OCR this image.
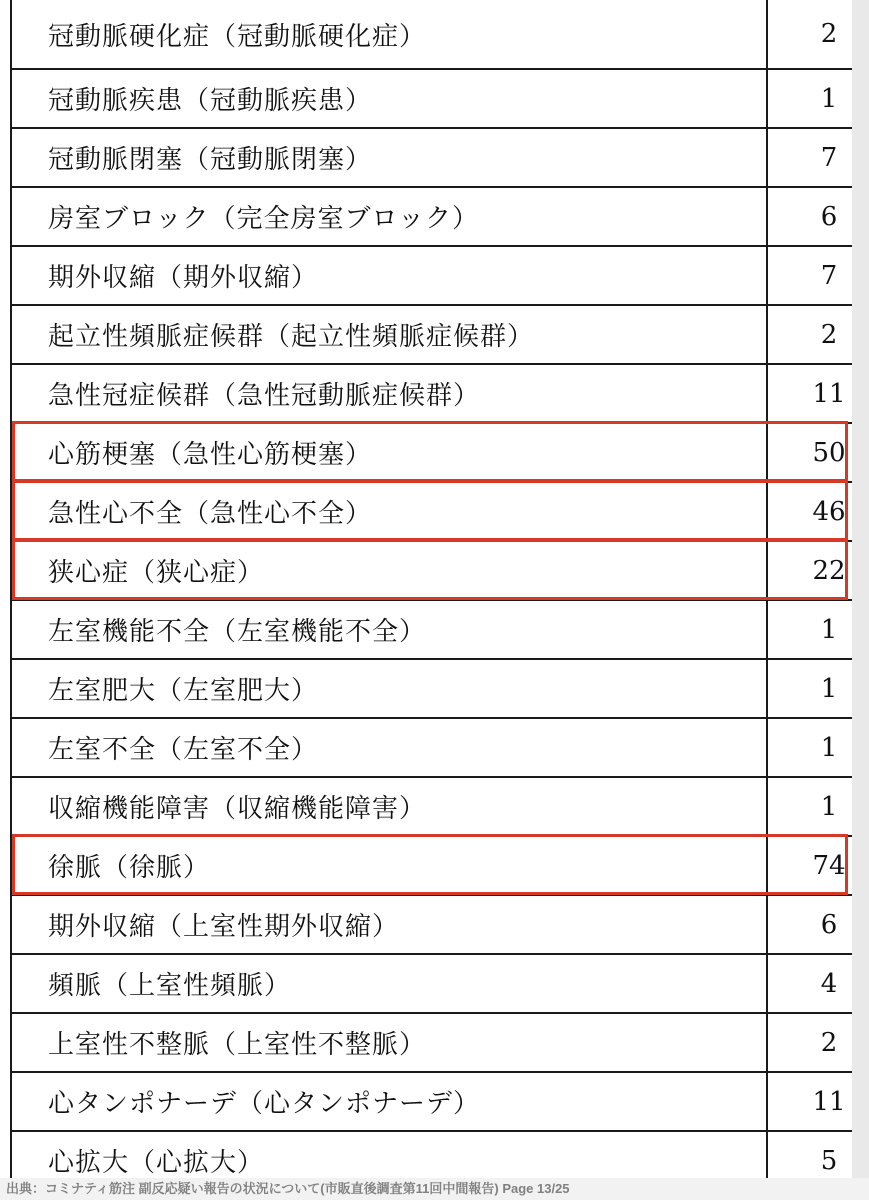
冠動脈硬化症（冠動脈硬化症）	2
冠動脈疾患（冠動脈疾患）	1
冠動脈閉塞（冠動脈閉塞）	7
房室ブロック（完全房室ブロック）	6
期外収縮（期外収縮）	7
起立性頻脈症候群（起立性頻脈症候群）	2
急性冠症候群（急性冠動脈症候群）	11
心筋梗塞（急性心筋梗塞）	50
急性心不全（急性心不全）	46
狭心症（狭心症）	22
左室機能不全（左室機能不全）	1
左室肥大（左室肥大）	1
左室不全（左室不全）	1
収縮機能障害（収縮機能障害）	1
徐脈（徐脈）	74
期外収縮（上室性期外収縮）	6
頻脈（上室性頻脈）	4
上室性不整脈（上室性不整脈）	2
心タンポナーデ（心タンポナーデ）	11
心拡大（心拡大）	5
出典：コミナティ筋注 副反応疑い報告の状況について(市販直後調査第11回中間報告) Page 13/25
